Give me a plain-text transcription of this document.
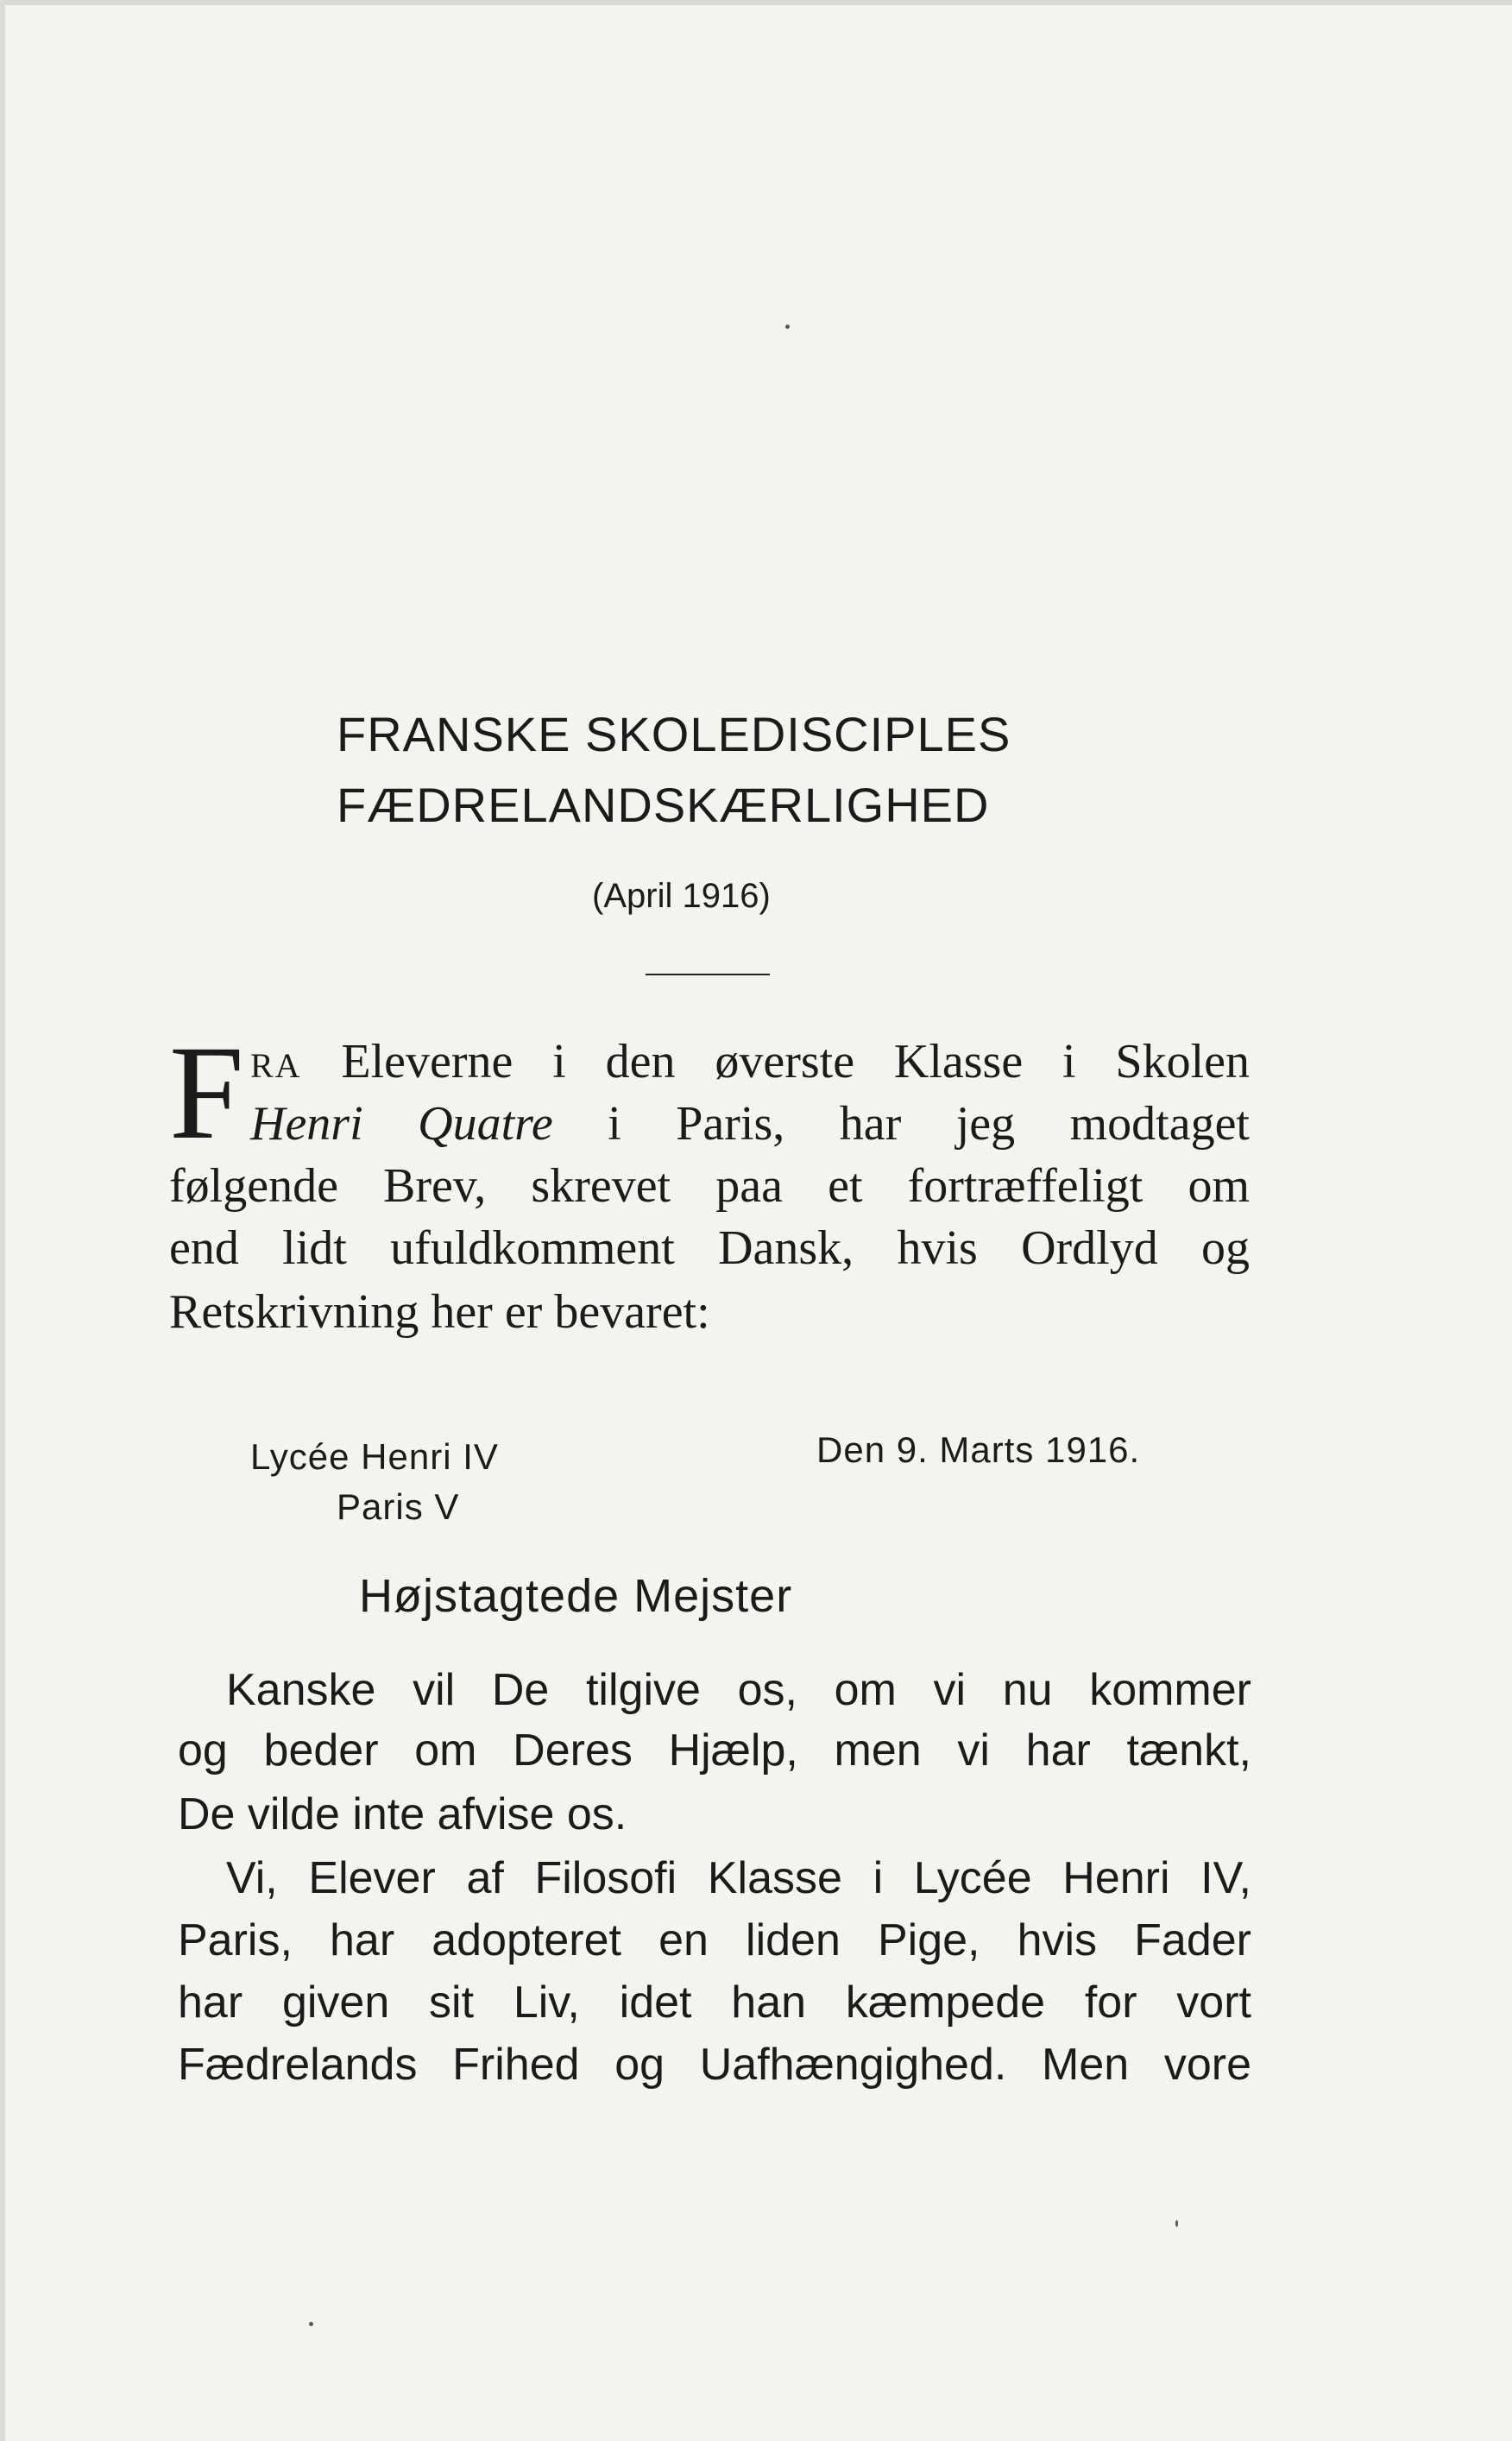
FRANSKE SKOLEDISCIPLES
FÆDRELANDSKÆRLIGHED
(April 1916)
F RA Eleverne i den øverste Klasse i Skolen
Henri Quatre i Paris, har jeg modtaget
følgende Brev, skrevet paa et fortræffeligt om
end lidt ufuldkomment Dansk, hvis Ordlyd og
Retskrivning her er bevaret:
Lycée Henri IV
Paris V
Den 9. Marts 1916.
Højstagtede Mejster
Kanske vil De tilgive os, om vi nu kommer
og beder om Deres Hjælp, men vi har tænkt,
De vilde inte afvise os.
Vi, Elever af Filosofi Klasse i Lycée Henri IV,
Paris, har adopteret en liden Pige, hvis Fader
har given sit Liv, idet han kæmpede for vort
Fædrelands Frihed og Uafhængighed. Men vore
